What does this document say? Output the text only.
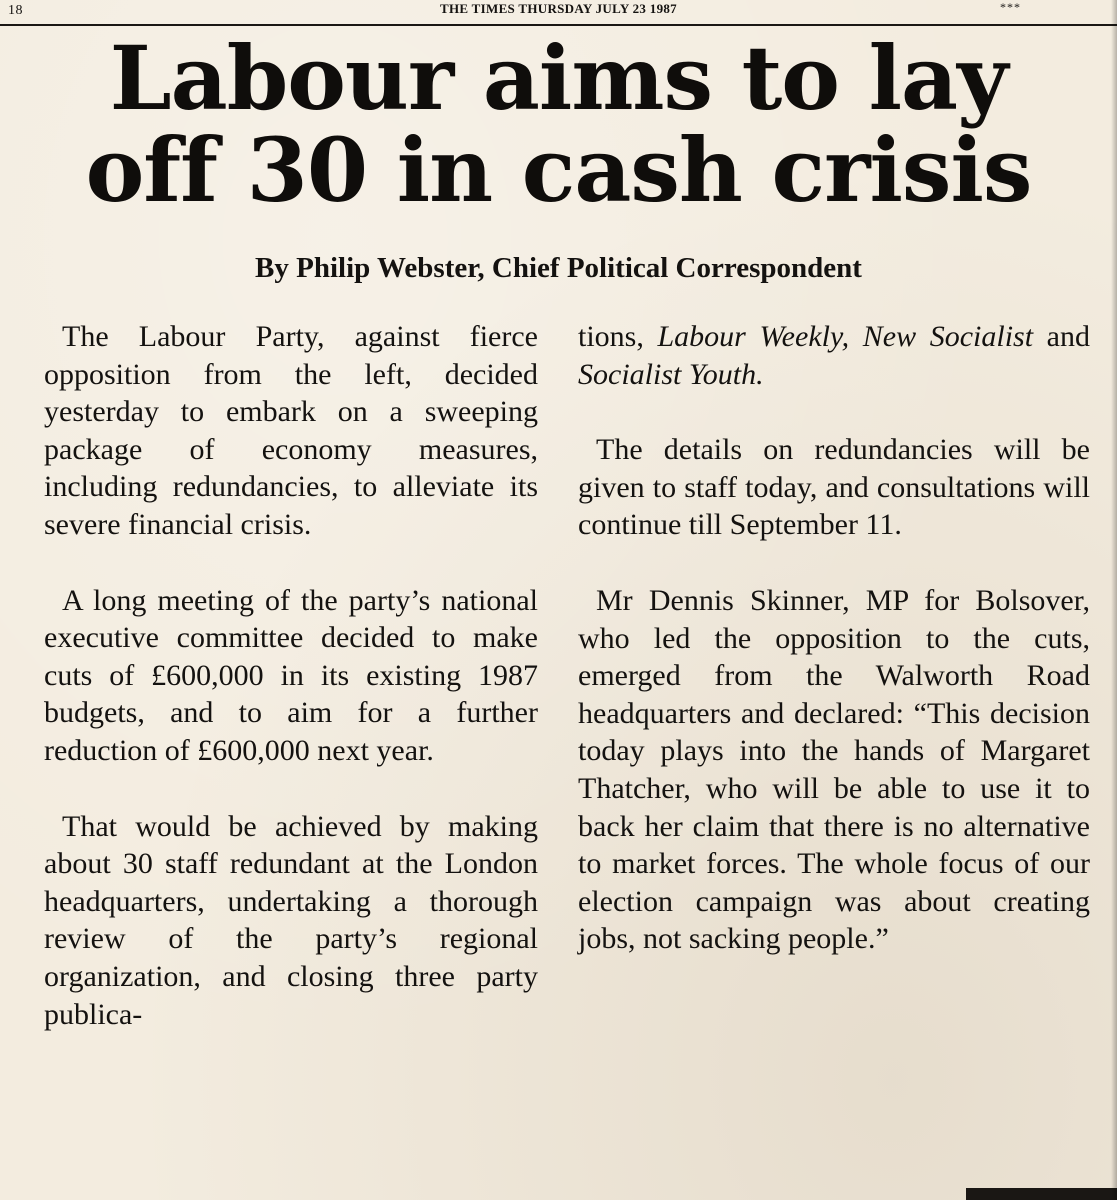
18	THE TIMES THURSDAY JULY 23 1987	***
Labour aims to lay off 30 in cash crisis
By Philip Webster, Chief Political Correspondent

The Labour Party, against fierce opposition from the left, decided yesterday to embark on a sweeping package of economy measures, including redundancies, to alleviate its severe financial crisis.

A long meeting of the party’s national executive committee decided to make cuts of £600,000 in its existing 1987 budgets, and to aim for a further reduction of £600,000 next year.

That would be achieved by making about 30 staff redundant at the London headquarters, undertaking a thorough review of the party’s regional organization, and closing three party publica-

tions, Labour Weekly, New Socialist and Socialist Youth.

The details on redundancies will be given to staff today, and consultations will continue till September 11.

Mr Dennis Skinner, MP for Bolsover, who led the opposition to the cuts, emerged from the Walworth Road headquarters and declared: “This decision today plays into the hands of Margaret Thatcher, who will be able to use it to back her claim that there is no alternative to market forces. The whole focus of our election campaign was about creating jobs, not sacking people.”
